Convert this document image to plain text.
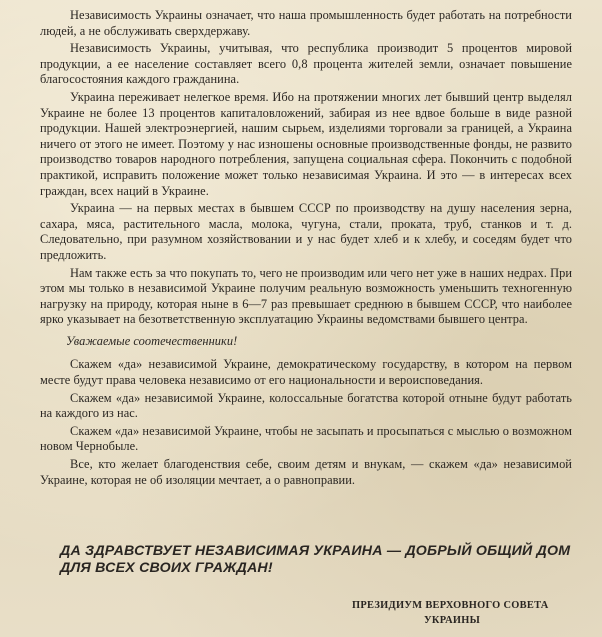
Независимость Украины означает, что наша промышленность будет работать на потребности людей, а не обслуживать сверхдержаву.

Независимость Украины, учитывая, что республика производит 5 процентов мировой продукции, а ее население составляет всего 0,8 процента жителей земли, означает повышение благосостояния каждого гражданина.

Украина переживает нелегкое время. Ибо на протяжении многих лет бывший центр выделял Украине не более 13 процентов капиталовложений, забирая из нее вдвое больше в виде разной продукции. Нашей электроэнергией, нашим сырьем, изделиями торговали за границей, а Украина ничего от этого не имеет. Поэтому у нас изношены основные производственные фонды, не развито производство товаров народного потребления, запущена социальная сфера. Покончить с подобной практикой, исправить положение может только независимая Украина. И это — в интересах всех граждан, всех наций в Украине.

Украина — на первых местах в бывшем СССР по производству на душу населения зерна, сахара, мяса, растительного масла, молока, чугуна, стали, проката, труб, станков и т. д. Следовательно, при разумном хозяйствовании и у нас будет хлеб и к хлебу, и соседям будет что предложить.

Нам также есть за что покупать то, чего не производим или чего нет уже в наших недрах. При этом мы только в независимой Украине получим реальную возможность уменьшить техногенную нагрузку на природу, которая ныне в 6—7 раз превышает среднюю в бывшем СССР, что наиболее ярко указывает на безответственную эксплуатацию Украины ведомствами бывшего центра.

Уважаемые соотечественники!

Скажем «да» независимой Украине, демократическому государству, в котором на первом месте будут права человека независимо от его национальности и вероисповедания.

Скажем «да» независимой Украине, колоссальные богатства которой отныне будут работать на каждого из нас.

Скажем «да» независимой Украине, чтобы не засыпать и просыпаться с мыслью о возможном новом Чернобыле.

Все, кто желает благоденствия себе, своим детям и внукам, — скажем «да» независимой Украине, которая не об изоляции мечтает, а о равноправии.

ДА ЗДРАВСТВУЕТ НЕЗАВИСИМАЯ УКРАИНА — ДОБРЫЙ ОБЩИЙ ДОМ ДЛЯ ВСЕХ СВОИХ ГРАЖДАН!

ПРЕЗИДИУМ ВЕРХОВНОГО СОВЕТА
УКРАИНЫ
